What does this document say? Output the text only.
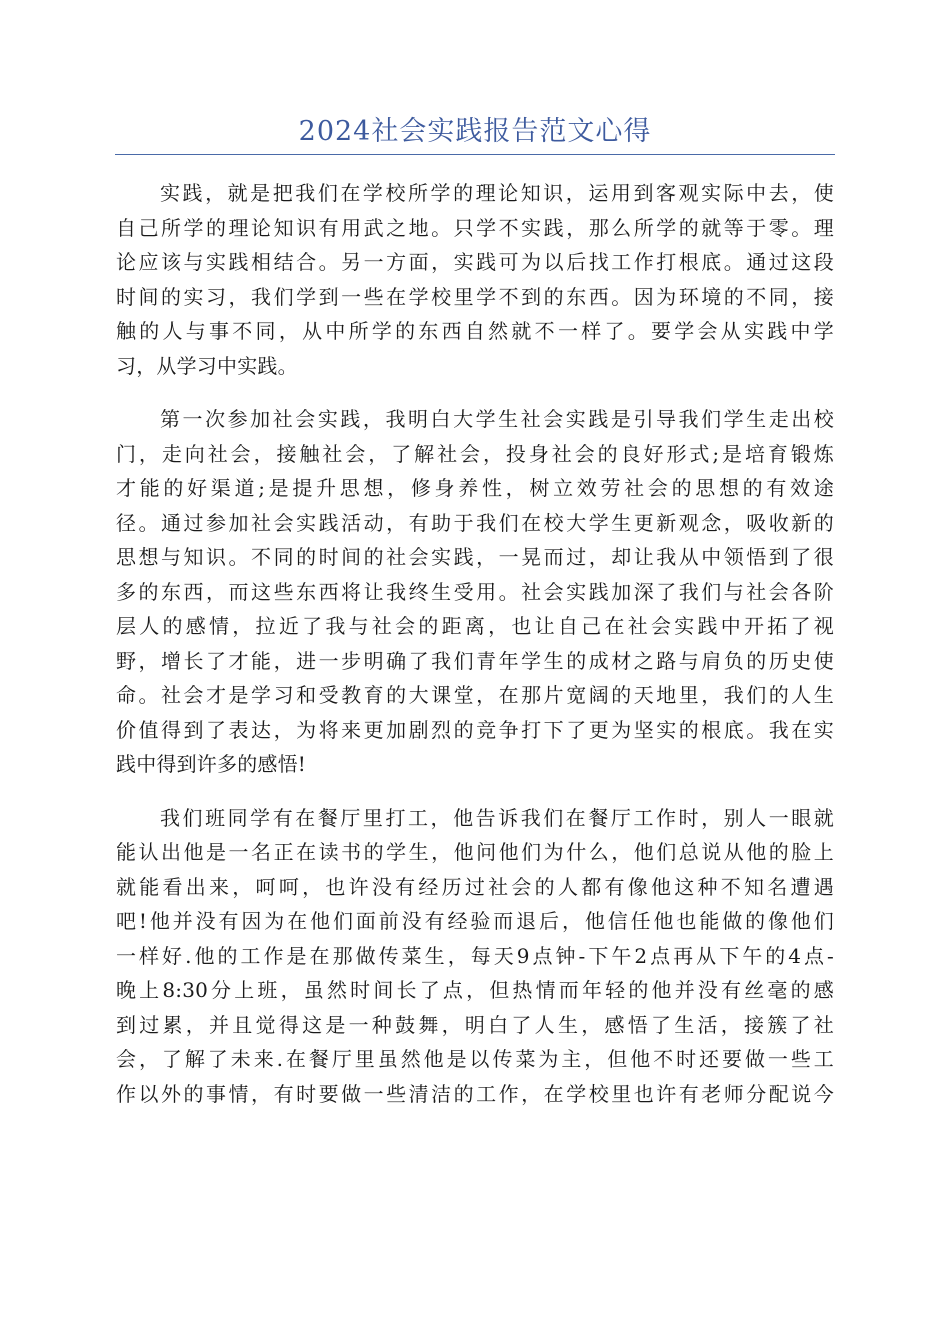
2024社会实践报告范文心得
实践，就是把我们在学校所学的理论知识，运用到客观实际中去，使
自己所学的理论知识有用武之地。只学不实践，那么所学的就等于零。理
论应该与实践相结合。另一方面，实践可为以后找工作打根底。通过这段
时间的实习，我们学到一些在学校里学不到的东西。因为环境的不同，接
触的人与事不同，从中所学的东西自然就不一样了。要学会从实践中学
习，从学习中实践。
第一次参加社会实践，我明白大学生社会实践是引导我们学生走出校
门，走向社会，接触社会，了解社会，投身社会的良好形式;是培育锻炼
才能的好渠道;是提升思想，修身养性，树立效劳社会的思想的有效途
径。通过参加社会实践活动，有助于我们在校大学生更新观念，吸收新的
思想与知识。不同的时间的社会实践，一晃而过，却让我从中领悟到了很
多的东西，而这些东西将让我终生受用。社会实践加深了我们与社会各阶
层人的感情，拉近了我与社会的距离，也让自己在社会实践中开拓了视
野，增长了才能，进一步明确了我们青年学生的成材之路与肩负的历史使
命。社会才是学习和受教育的大课堂，在那片宽阔的天地里，我们的人生
价值得到了表达，为将来更加剧烈的竞争打下了更为坚实的根底。我在实
践中得到许多的感悟!
我们班同学有在餐厅里打工，他告诉我们在餐厅工作时，别人一眼就
能认出他是一名正在读书的学生，他问他们为什么，他们总说从他的脸上
就能看出来，呵呵，也许没有经历过社会的人都有像他这种不知名遭遇
吧!他并没有因为在他们面前没有经验而退后，他信任他也能做的像他们
一样好.他的工作是在那做传菜生，每天9点钟-下午2点再从下午的4点-
晚上8:30分上班，虽然时间长了点，但热情而年轻的他并没有丝毫的感
到过累，并且觉得这是一种鼓舞，明白了人生，感悟了生活，接簇了社
会，了解了未来.在餐厅里虽然他是以传菜为主，但他不时还要做一些工
作以外的事情，有时要做一些清洁的工作，在学校里也许有老师分配说今
